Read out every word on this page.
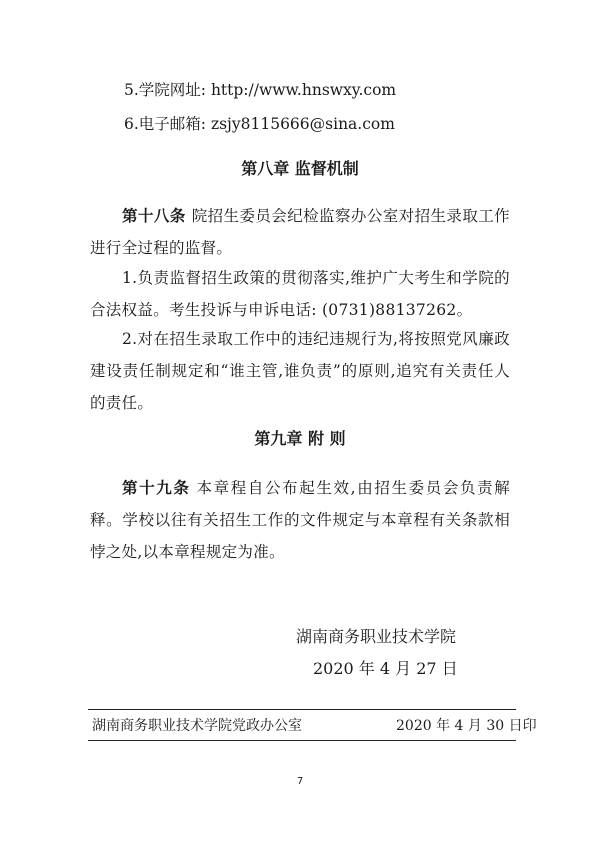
5.学院网址: http://www.hnswxy.com
6.电子邮箱: zsjy8115666@sina.com
第八章 监督机制
第十八条 院招生委员会纪检监察办公室对招生录取工作进行全过程的监督。
1.负责监督招生政策的贯彻落实,维护广大考生和学院的合法权益。考生投诉与申诉电话: (0731)88137262。
2.对在招生录取工作中的违纪违规行为,将按照党风廉政建设责任制规定和“谁主管,谁负责”的原则,追究有关责任人的责任。
第九章 附 则
第十九条 本章程自公布起生效,由招生委员会负责解释。学校以往有关招生工作的文件规定与本章程有关条款相悖之处,以本章程规定为准。
湖南商务职业技术学院
2020 年 4 月 27 日
湖南商务职业技术学院党政办公室	2020 年 4 月 30 日印
7
